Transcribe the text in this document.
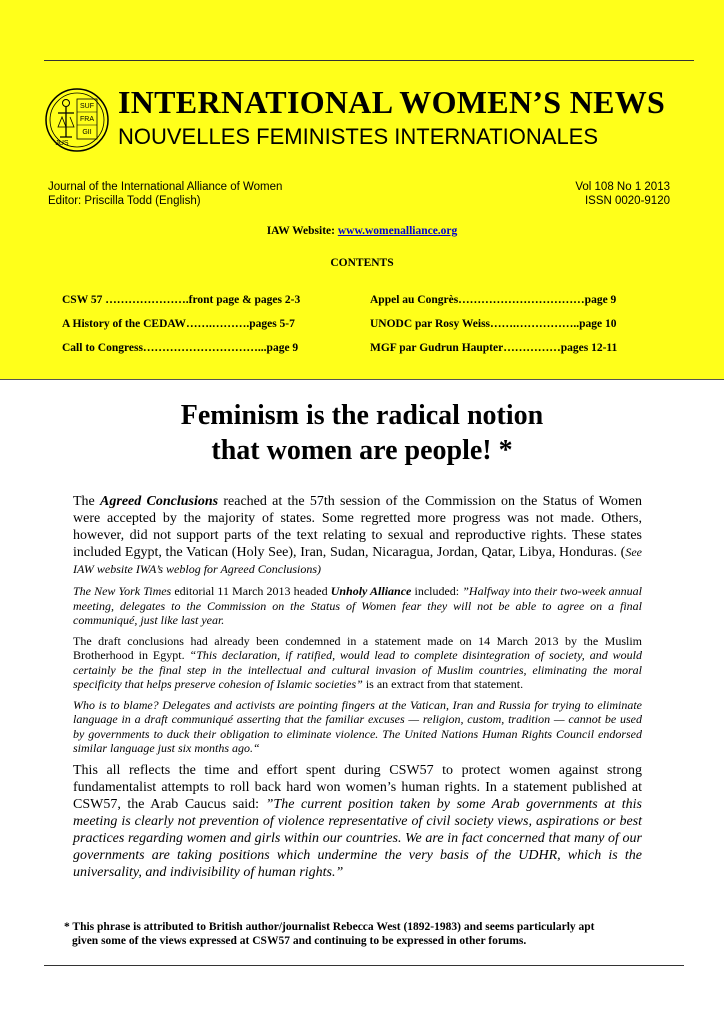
SUF
FRA
JUS
GII
INTERNATIONAL WOMEN’S NEWS
NOUVELLES FEMINISTES INTERNATIONALES
Journal of the International Alliance of Women
Editor: Priscilla Todd (English)
Vol 108 No 1 2013
ISSN 0020-9120
IAW Website: www.womenalliance.org
CONTENTS
CSW 57 ………………….front page & pages 2-3
A History of the CEDAW…….……….pages 5-7
Call to Congress…………………………...page 9
Appel au Congrès……………………………page 9
UNODC par Rosy Weiss…….……………..page 10
MGF par Gudrun Haupter……………pages 12-11
Feminism is the radical notion
that women are people! *

The Agreed Conclusions reached at the 57th session of the Commission on the Status of Women were accepted by the majority of states. Some regretted more progress was not made. Others, however, did not support parts of the text relating to sexual and reproductive rights. These states included Egypt, the Vatican (Holy See), Iran, Sudan, Nicaragua, Jordan, Qatar, Libya, Honduras. (See IAW website IWA’s weblog for Agreed Conclusions)

The New York Times editorial 11 March 2013 headed Unholy Alliance included: ”Halfway into their two-week annual meeting, delegates to the Commission on the Status of Women fear they will not be able to agree on a final communiqué, just like last year.

The draft conclusions had already been condemned in a statement made on 14 March 2013 by the Muslim Brotherhood in Egypt. “This declaration, if ratified, would lead to complete disintegration of society, and would certainly be the final step in the intellectual and cultural invasion of Muslim countries, eliminating the moral specificity that helps preserve cohesion of Islamic societies” is an extract from that statement.

Who is to blame? Delegates and activists are pointing fingers at the Vatican, Iran and Russia for trying to eliminate language in a draft communiqué asserting that the familiar excuses — religion, custom, tradition — cannot be used by governments to duck their obligation to eliminate violence. The United Nations Human Rights Council endorsed similar language just six months ago.“

This all reflects the time and effort spent during CSW57 to protect women against strong fundamentalist attempts to roll back hard won women’s human rights. In a statement published at CSW57, the Arab Caucus said: ”The current position taken by some Arab governments at this meeting is clearly not prevention of violence representative of civil society views, aspirations or best practices regarding women and girls within our countries. We are in fact concerned that many of our governments are taking positions which undermine the very basis of the UDHR, which is the universality, and indivisibility of human rights.”

* This phrase is attributed to British author/journalist Rebecca West (1892-1983) and seems particularly apt
given some of the views expressed at CSW57 and continuing to be expressed in other forums.
